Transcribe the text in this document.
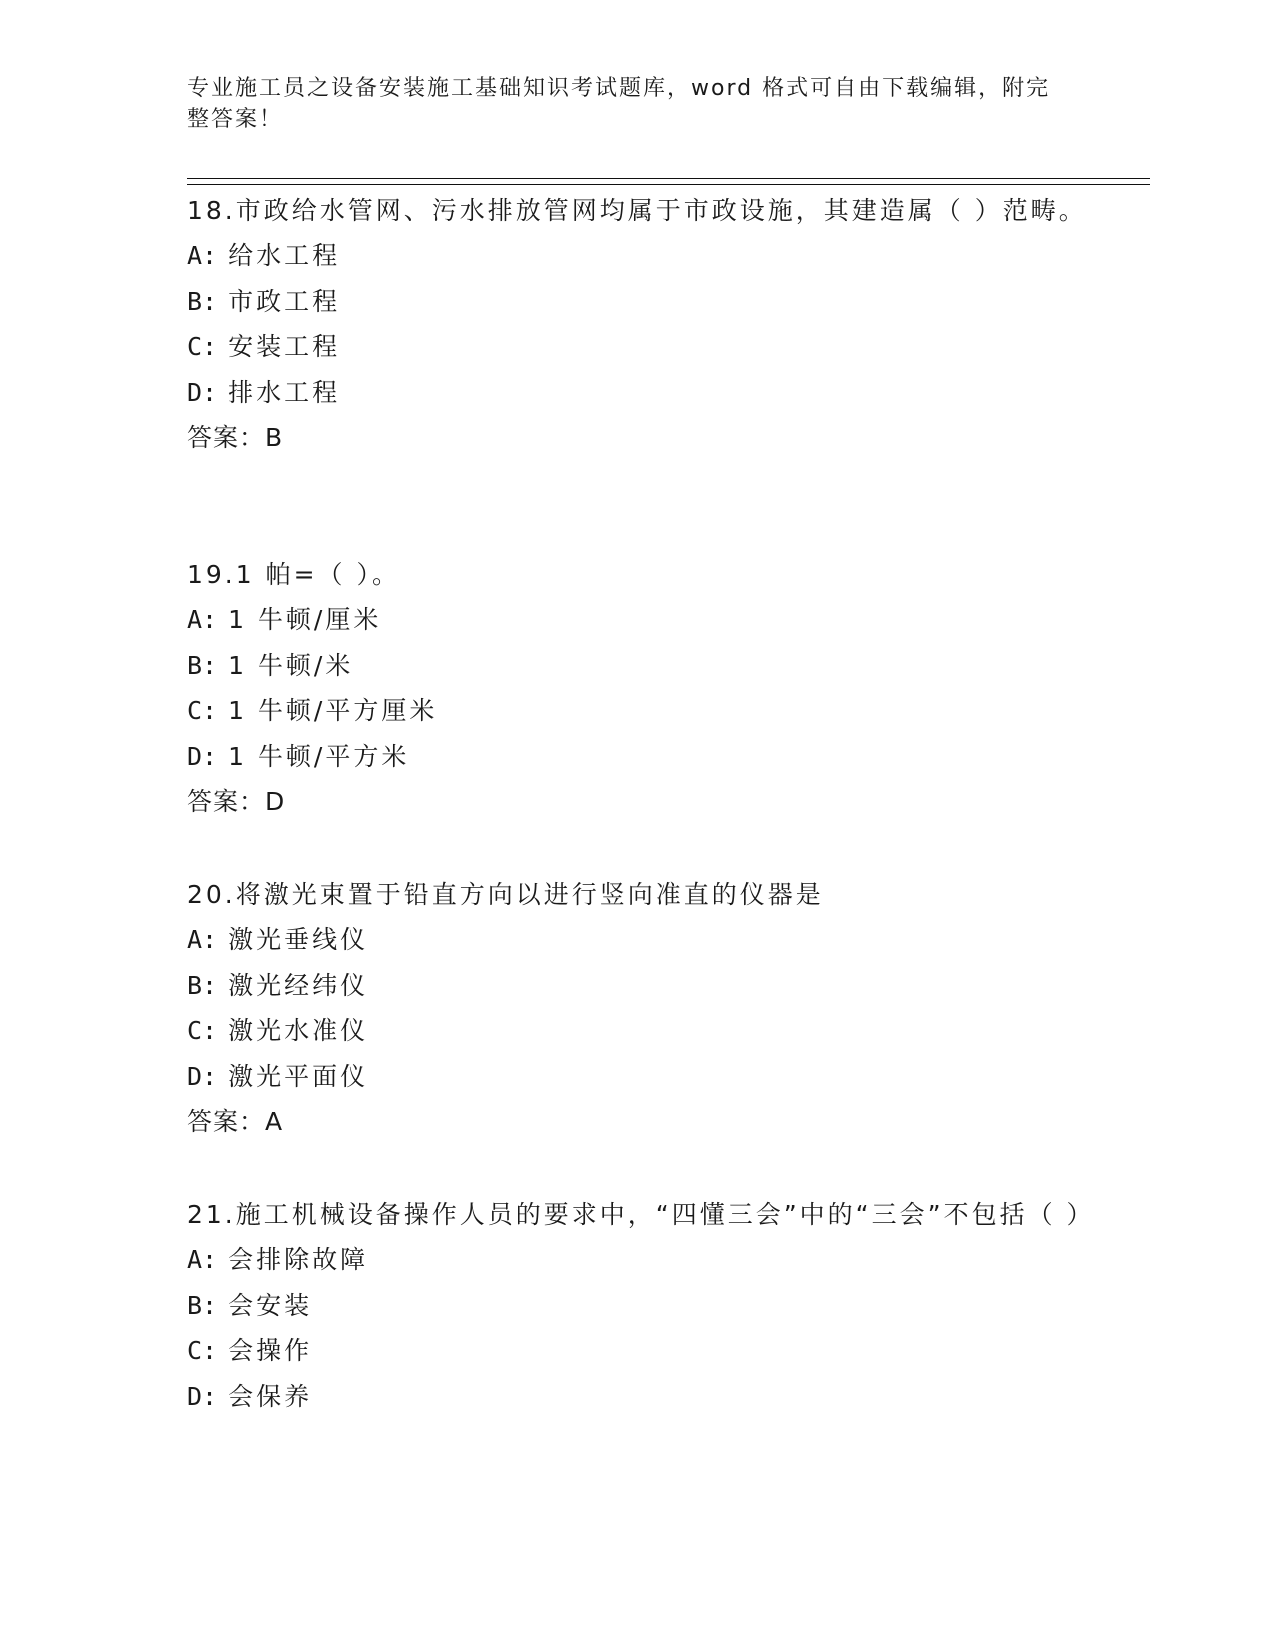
专业施工员之设备安装施工基础知识考试题库，word 格式可自由下载编辑，附完整答案！
18.市政给水管网、污水排放管网均属于市政设施，其建造属（ ）范畴。
A: 给水工程
B: 市政工程
C: 安装工程
D: 排水工程
答案：B
19.1 帕=（ ）。
A: 1 牛顿/厘米
B: 1 牛顿/米
C: 1 牛顿/平方厘米
D: 1 牛顿/平方米
答案：D
20.将激光束置于铅直方向以进行竖向准直的仪器是
A: 激光垂线仪
B: 激光经纬仪
C: 激光水准仪
D: 激光平面仪
答案：A
21.施工机械设备操作人员的要求中，“四懂三会”中的“三会”不包括（ ）
A: 会排除故障
B: 会安装
C: 会操作
D: 会保养
